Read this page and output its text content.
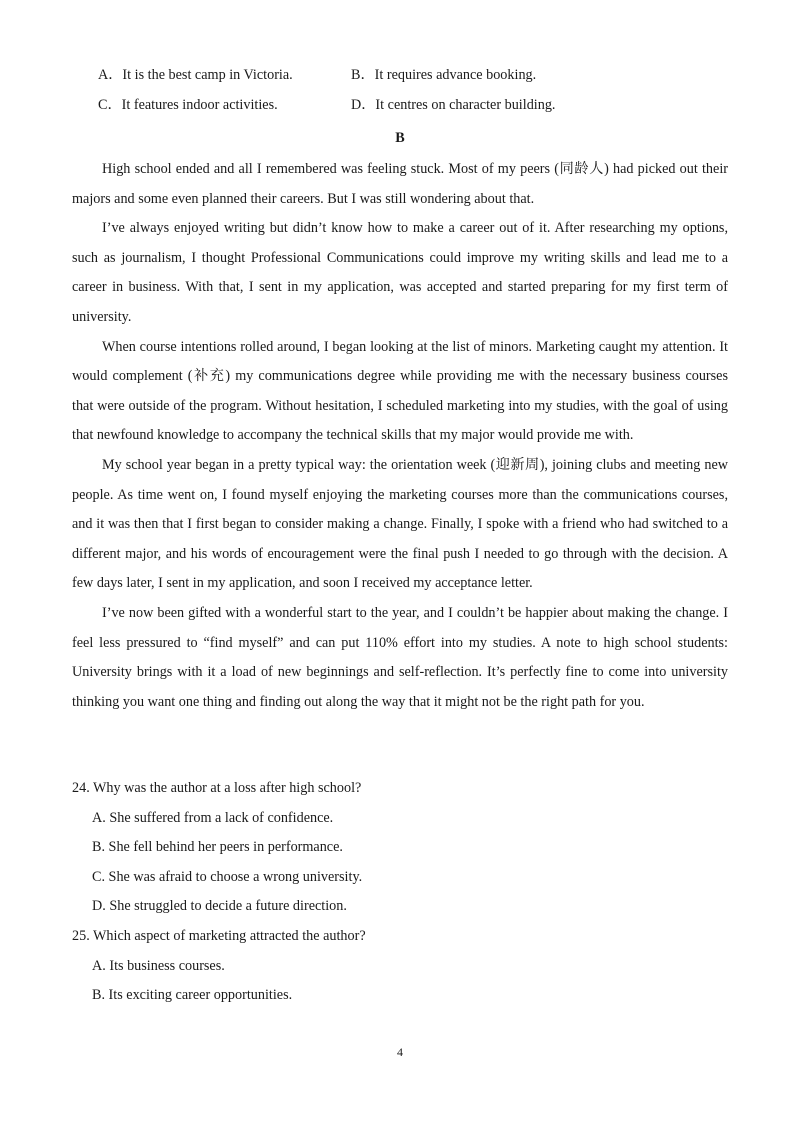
A．It is the best camp in Victoria.	B．It requires advance booking.
C．It features indoor activities.	D．It centres on character building.
B

High school ended and all I remembered was feeling stuck. Most of my peers (同龄人) had picked out their majors and some even planned their careers. But I was still wondering about that.

I’ve always enjoyed writing but didn’t know how to make a career out of it. After researching my options, such as journalism, I thought Professional Communications could improve my writing skills and lead me to a career in business. With that, I sent in my application, was accepted and started preparing for my first term of university.

When course intentions rolled around, I began looking at the list of minors. Marketing caught my attention. It would complement (补充) my communications degree while providing me with the necessary business courses that were outside of the program. Without hesitation, I scheduled marketing into my studies, with the goal of using that newfound knowledge to accompany the technical skills that my major would provide me with.

My school year began in a pretty typical way: the orientation week (迎新周), joining clubs and meeting new people. As time went on, I found myself enjoying the marketing courses more than the communications courses, and it was then that I first began to consider making a change. Finally, I spoke with a friend who had switched to a different major, and his words of encouragement were the final push I needed to go through with the decision. A few days later, I sent in my application, and soon I received my acceptance letter.

I’ve now been gifted with a wonderful start to the year, and I couldn’t be happier about making the change. I feel less pressured to “find myself” and can put 110% effort into my studies. A note to high school students: University brings with it a load of new beginnings and self-reflection. It’s perfectly fine to come into university thinking you want one thing and finding out along the way that it might not be the right path for you.

24. Why was the author at a loss after high school?

A. She suffered from a lack of confidence.

B. She fell behind her peers in performance.

C. She was afraid to choose a wrong university.

D. She struggled to decide a future direction.

25. Which aspect of marketing attracted the author?

A. Its business courses.

B. Its exciting career opportunities.

4
